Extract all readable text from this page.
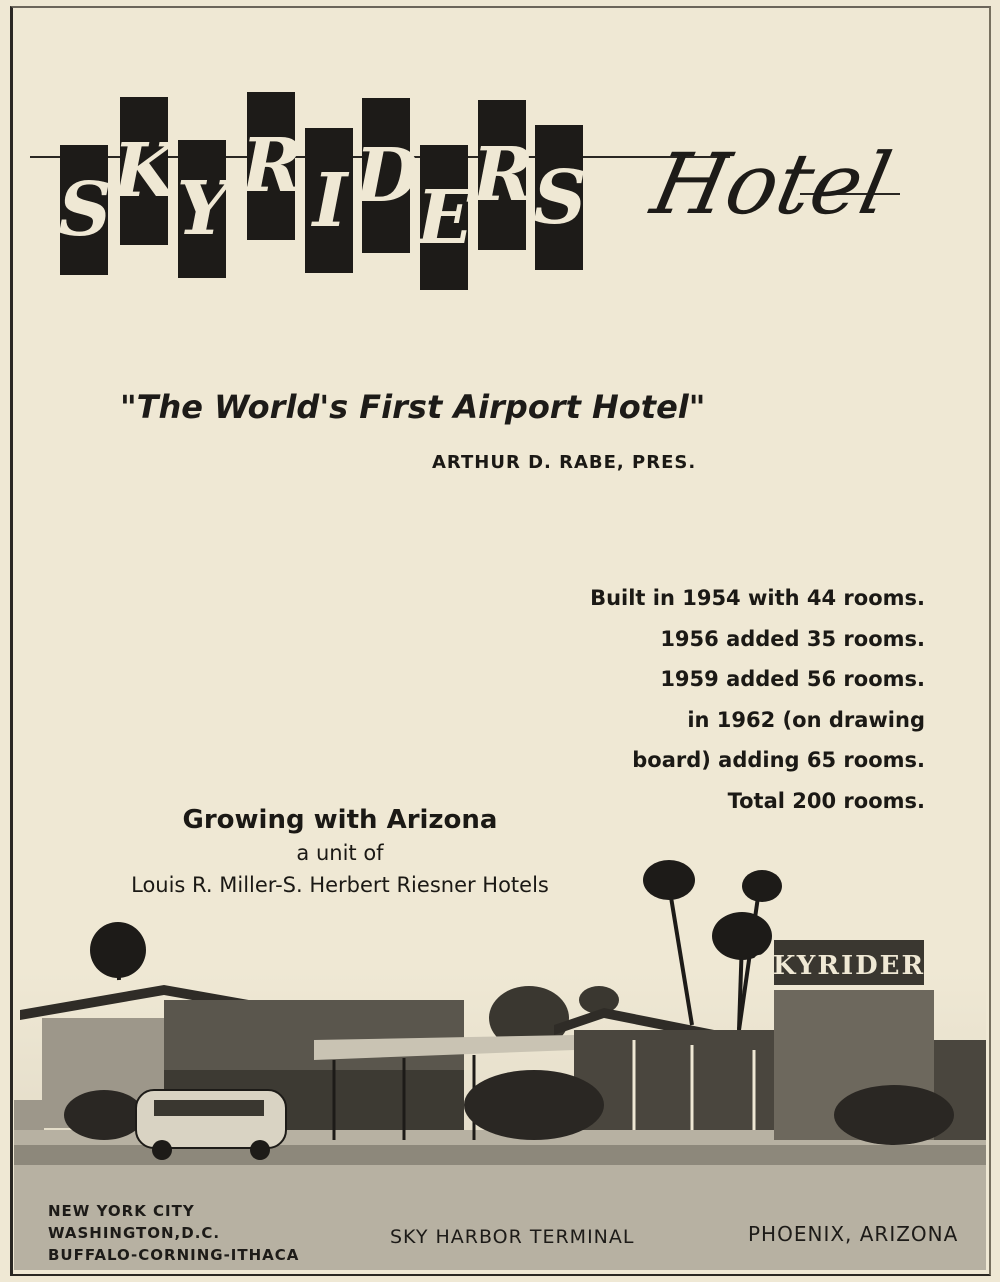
S K Y R I D E R S Hotel
"The World's First Airport Hotel"
ARTHUR D. RABE, PRES.
Built in 1954 with 44 rooms.
1956 added 35 rooms.
1959 added 56 rooms.
in 1962 (on drawing
board) adding 65 rooms.
Total 200 rooms.
SKYRIDERS
Growing with Arizona
a unit of
Louis R. Miller-S. Herbert Riesner Hotels
NEW YORK CITY
WASHINGTON,D.C.
BUFFALO-CORNING-ITHACA
SKY HARBOR TERMINAL	PHOENIX, ARIZONA
